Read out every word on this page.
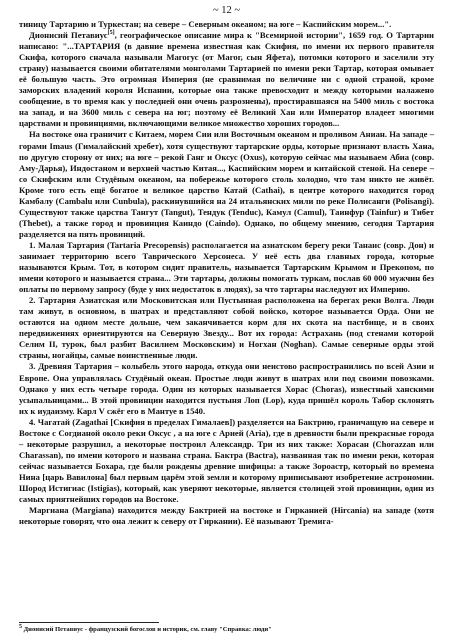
~ 12 ~

тиницу Тартарию и Туркестан; на севере – Северным океаном; на юге – Каспийским морем...".

Дионисий Петавиус[5], географическое описание мира к "Всемирной истории", 1659 год. О Тартарии написано: "...ТАРТАРИЯ (в давние времена известная как Скифия, по имени их первого правителя Скифа, которого сначала называли Магогус (от Магог, сын Яфета), потомки которого и заселили эту страну) называется своими обитателями монголами Тартарией по имени реки Тартар, которая омывает её большую часть. Это огромная Империя (не сравнимая по величине ни с одной страной, кроме заморских владений короля Испании, которые она также превосходит и между которыми налажено сообщение, в то время как у последней они очень разрознены), простиравшаяся на 5400 миль с востока на запад, и на 3600 миль с севера на юг; поэтому её Великий Хан или Император владеет многими царствами и провинциями, включающими великое множество хороших городов...

На востоке она граничит с Китаем, морем Сии или Восточным океаном и проливом Аниан. На западе – горами Imaus (Гималайский хребет), хотя существуют тартарские орды, которые признают власть Хана, по другую сторону от них; на юге – рекой Ганг и Оксус (Oxus), которую сейчас мы называем Абиа (совр. Аму-Дарья), Индостаном и верхней частью Китая..., Каспийским морем и китайской стеной. На севере – со Скифским или Студёным океаном, на побережье которого столь холодно, что там никто не живёт. Кроме того есть ещё богатое и великое царство Катай (Cathai), в центре которого находится город Камбалу (Cambalu или Cunbula), раскинувшийся на 24 итальянских мили по реке Полисанги (Polisangi). Существуют также царства Тангут (Tangut), Тендук (Tenduc), Камул (Camul), Таинфур (Tainfur) и Тибет (Thebet), а также город и провинция Каиндо (Caindo). Однако, по общему мнению, сегодня Тартария разделяется на пять провинций.

1. Малая Тартария (Tartaria Precopensis) располагается на азиатском берегу реки Танаис (совр. Дон) и занимает территорию всего Таврического Херсонеса. У неё есть два главных города, которые называются Крым. Тот, в котором сидит правитель, называется Тартарским Крымом и Прекопом, по имени которого и называется страна... Эти тартары, должны помогать туркам, послав 60 000 мужчин без оплаты по первому запросу (буде у них недостаток в людях), за что тартары наследуют их Империю.

2. Тартария Азиатская или Московитская или Пустынная расположена на берегах реки Волга. Люди там живут, в основном, в шатрах и представляют собой войско, которое называется Орда. Они не остаются на одном месте дольше, чем заканчивается корм для их скота на пастбище, и в своих передвижениях ориентируются на Северную Звезду... Вот их города: Астрахань (под стенами которой Селим II, турок, был разбит Василием Московским) и Ногхан (Noghan). Самые северные орды этой страны, ногайцы, самые воинственные люди.

3. Древняя Тартария – колыбель этого народа, откуда они неистово распространились по всей Азии и Европе. Она управлялась Студёный океан. Простые люди живут в шатрах или под своими повозками. Однако у них есть четыре города. Один из которых называется Хорас (Choras), известный ханскими усыпальницами... В этой провинции находится пустыня Лоп (Lop), куда пришёл король Табор склонять их к иудаизму. Карл V сжёг его в Мантуе в 1540.

4. Чагатай (Zagathai [Скифия в пределах Гималаев]) разделяется на Бактрию, граничащую на севере и Востоке с Согдианой около реки Оксус , а на юге с Арией (Aria), где в древности были прекрасные города – некоторые разрушил, а некоторые построил Александр. Три из них также: Хорасан (Chorazzan или Charassan), по имени которого и названа страна. Бактра (Bactra), названная так по имени реки, которая сейчас называется Бохара, где были рождены древние шифицы: а также Зороастр, который во времена Нина [царь Вавилона] был первым царём этой земли и которому приписывают изобретение астрономии. Шород Истигиас (Istigias), который, как уверяют некоторые, является столицей этой провинции, один из самых приятнейших городов на Востоке.

Маргиана (Margiana) находится между Бактрией на востоке и Гирканией (Hircania) на западе (хотя некоторые говорят, что она лежит к северу от Гиркании). Её называют Тремига-

$^5$ Дионисий Петавиус - французский богослов и историк, см. главу "Справка: люди"
